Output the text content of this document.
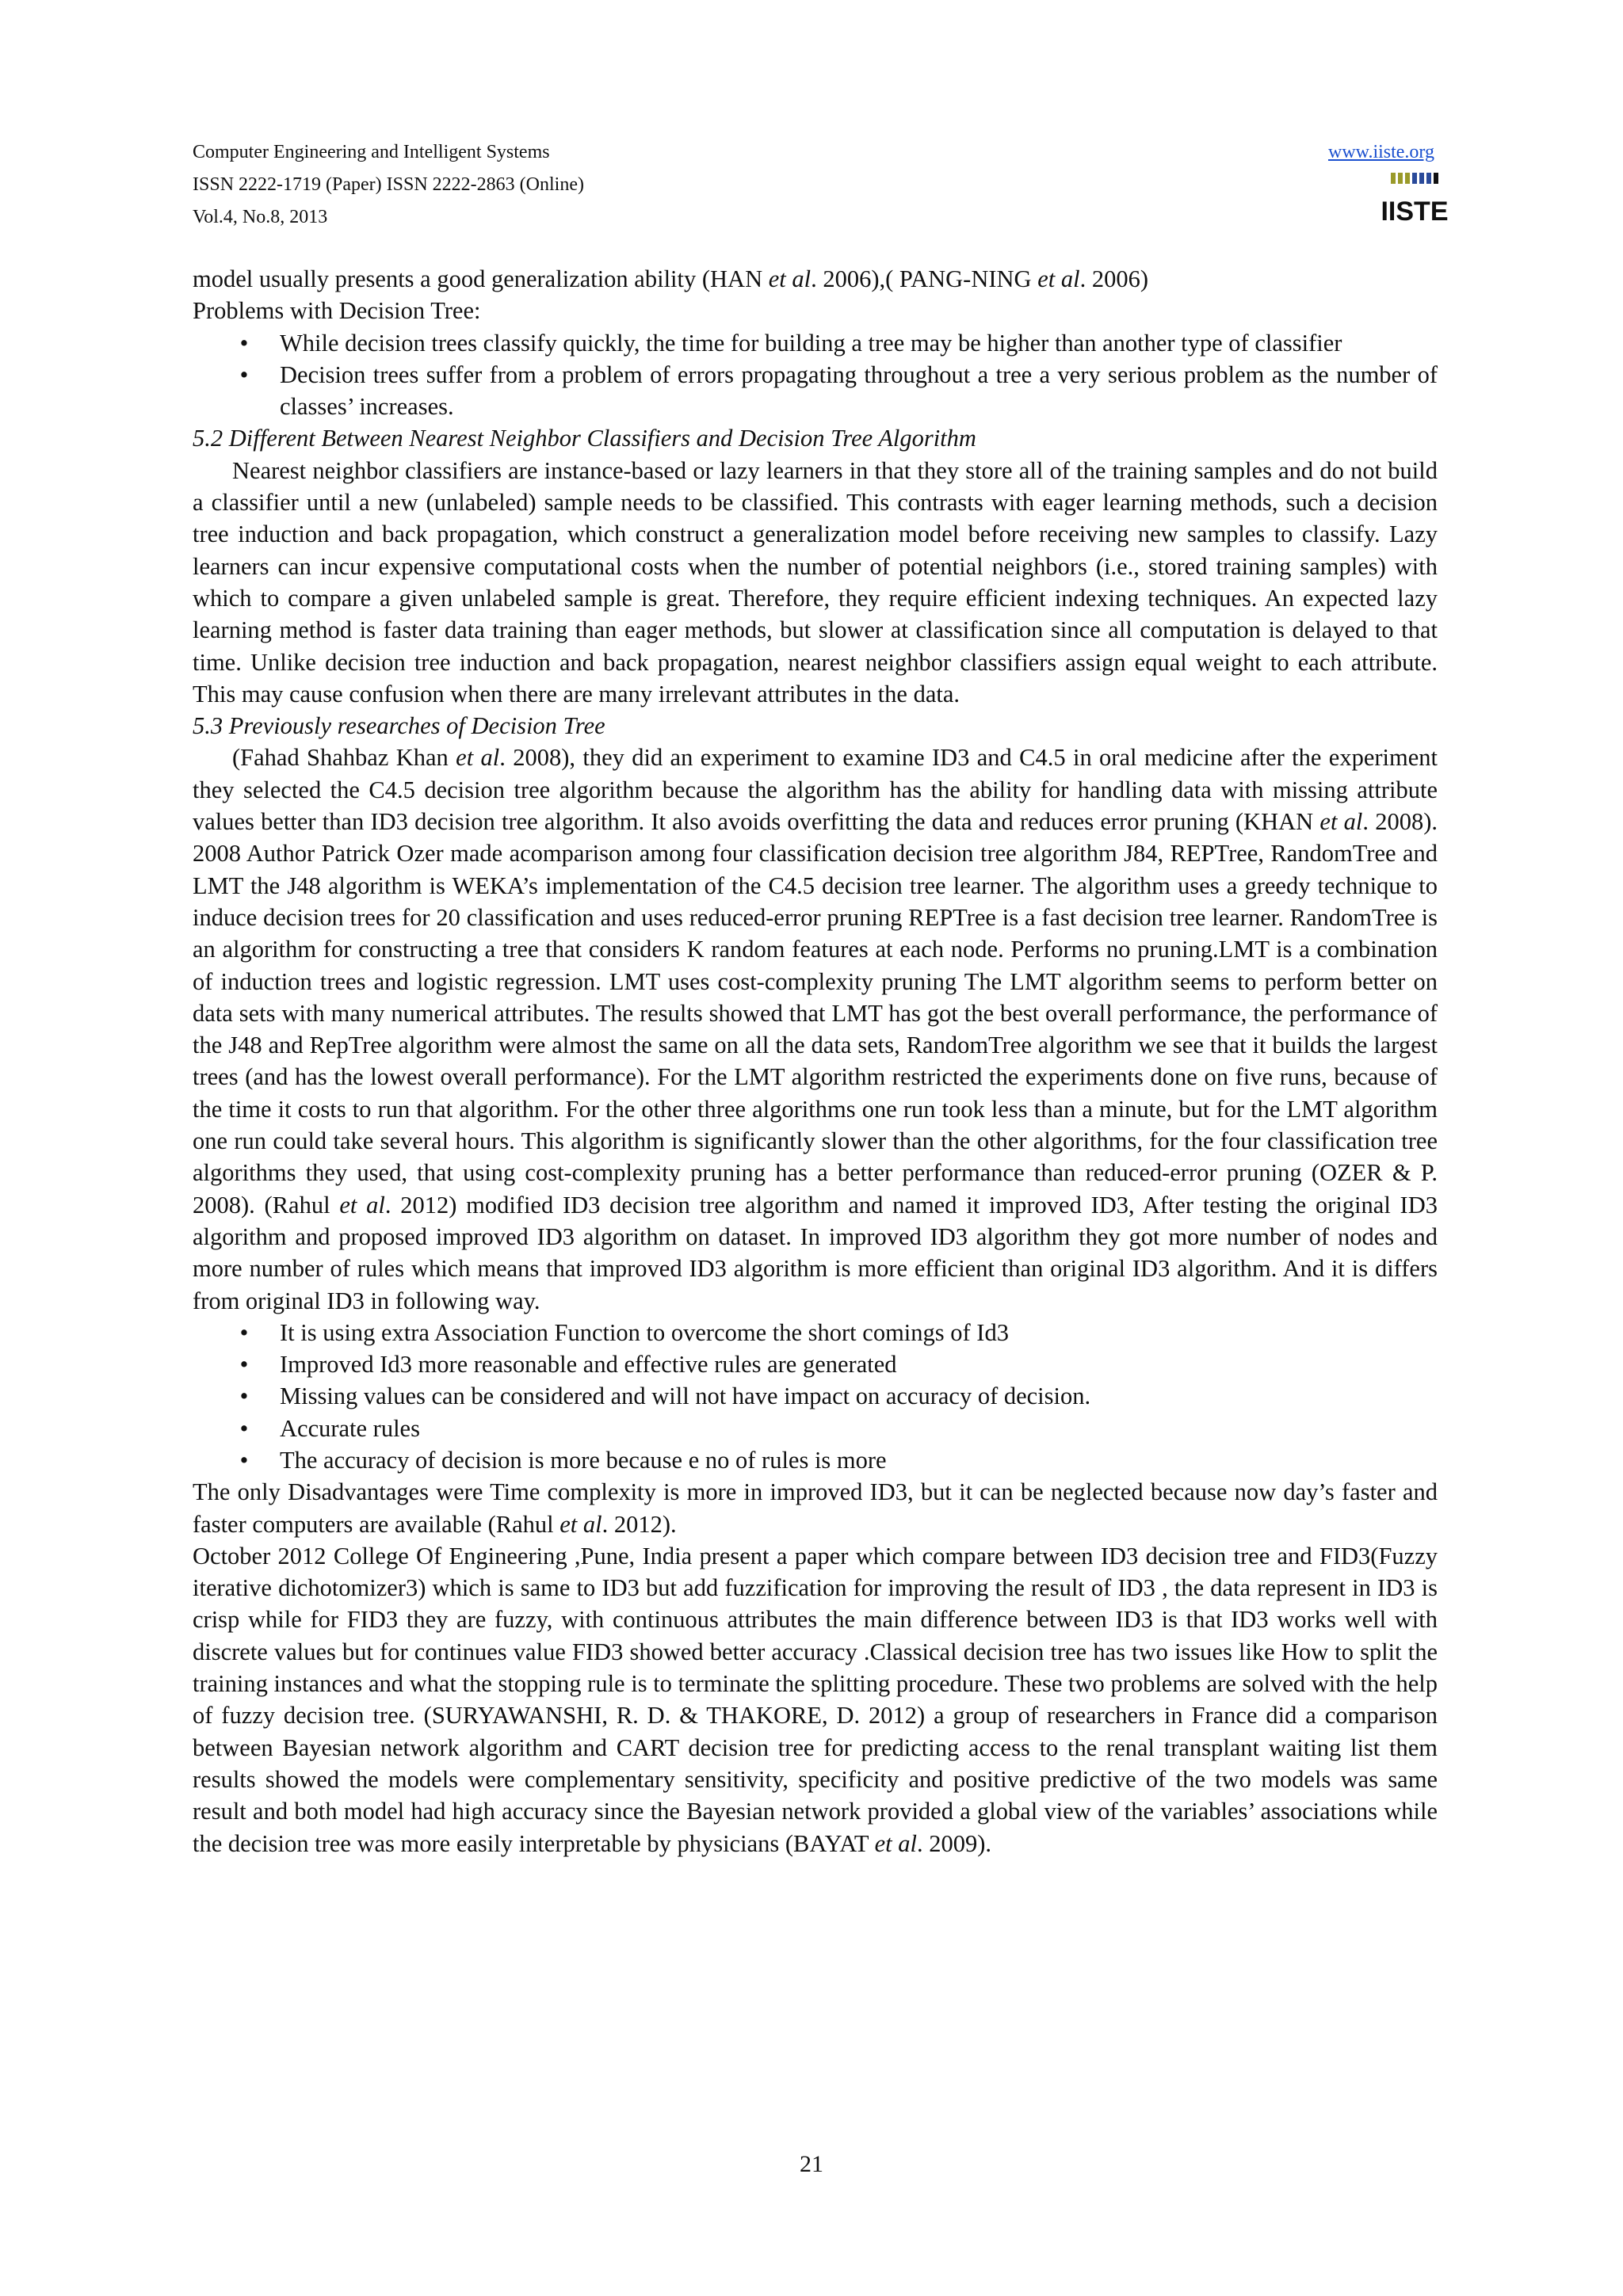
Computer Engineering and Intelligent Systems
ISSN 2222-1719 (Paper) ISSN 2222-2863 (Online)
Vol.4, No.8, 2013
www.iiste.org
IISTE

model usually presents a good generalization ability (HAN et al. 2006),( PANG-NING et al. 2006)

Problems with Decision Tree:

• While decision trees classify quickly, the time for building a tree may be higher than another type of classifier
• Decision trees suffer from a problem of errors propagating throughout a tree a very serious problem as the number of classes’ increases.

5.2 Different Between Nearest Neighbor Classifiers and Decision Tree Algorithm

Nearest neighbor classifiers are instance-based or lazy learners in that they store all of the training samples and do not build a classifier until a new (unlabeled) sample needs to be classified. This contrasts with eager learning methods, such a decision tree induction and back propagation, which construct a generalization model before receiving new samples to classify. Lazy learners can incur expensive computational costs when the number of potential neighbors (i.e., stored training samples) with which to compare a given unlabeled sample is great. Therefore, they require efficient indexing techniques. An expected lazy learning method is faster data training than eager methods, but slower at classification since all computation is delayed to that time. Unlike decision tree induction and back propagation, nearest neighbor classifiers assign equal weight to each attribute. This may cause confusion when there are many irrelevant attributes in the data.

5.3 Previously researches of Decision Tree

(Fahad Shahbaz Khan et al. 2008), they did an experiment to examine ID3 and C4.5 in oral medicine after the experiment they selected the C4.5 decision tree algorithm because the algorithm has the ability for handling data with missing attribute values better than ID3 decision tree algorithm. It also avoids overfitting the data and reduces error pruning (KHAN et al. 2008). 2008 Author Patrick Ozer made acomparison among four classification decision tree algorithm J84, REPTree, RandomTree and LMT the J48 algorithm is WEKA’s implementation of the C4.5 decision tree learner. The algorithm uses a greedy technique to induce decision trees for 20 classification and uses reduced-error pruning REPTree is a fast decision tree learner. RandomTree is an algorithm for constructing a tree that considers K random features at each node. Performs no pruning.LMT is a combination of induction trees and logistic regression. LMT uses cost-complexity pruning The LMT algorithm seems to perform better on data sets with many numerical attributes. The results showed that LMT has got the best overall performance, the performance of the J48 and RepTree algorithm were almost the same on all the data sets, RandomTree algorithm we see that it builds the largest trees (and has the lowest overall performance). For the LMT algorithm restricted the experiments done on five runs, because of the time it costs to run that algorithm. For the other three algorithms one run took less than a minute, but for the LMT algorithm one run could take several hours. This algorithm is significantly slower than the other algorithms, for the four classification tree algorithms they used, that using cost-complexity pruning has a better performance than reduced-error pruning (OZER & P. 2008). (Rahul et al. 2012) modified ID3 decision tree algorithm and named it improved ID3, After testing the original ID3 algorithm and proposed improved ID3 algorithm on dataset. In improved ID3 algorithm they got more number of nodes and more number of rules which means that improved ID3 algorithm is more efficient than original ID3 algorithm. And it is differs from original ID3 in following way.

• It is using extra Association Function to overcome the short comings of Id3
• Improved Id3 more reasonable and effective rules are generated
• Missing values can be considered and will not have impact on accuracy of decision.
• Accurate rules
• The accuracy of decision is more because e no of rules is more

The only Disadvantages were Time complexity is more in improved ID3, but it can be neglected because now day’s faster and faster computers are available (Rahul et al. 2012).

October 2012 College Of Engineering ,Pune, India present a paper which compare between ID3 decision tree and FID3(Fuzzy iterative dichotomizer3) which is same to ID3 but add fuzzification for improving the result of ID3 , the data represent in ID3 is crisp while for FID3 they are fuzzy, with continuous attributes the main difference between ID3 is that ID3 works well with discrete values but for continues value FID3 showed better accuracy .Classical decision tree has two issues like How to split the training instances and what the stopping rule is to terminate the splitting procedure. These two problems are solved with the help of fuzzy decision tree. (SURYAWANSHI, R. D. & THAKORE, D. 2012) a group of researchers in France did a comparison between Bayesian network algorithm and CART decision tree for predicting access to the renal transplant waiting list them results showed the models were complementary sensitivity, specificity and positive predictive of the two models was same result and both model had high accuracy since the Bayesian network provided a global view of the variables’ associations while the decision tree was more easily interpretable by physicians (BAYAT et al. 2009).

21
